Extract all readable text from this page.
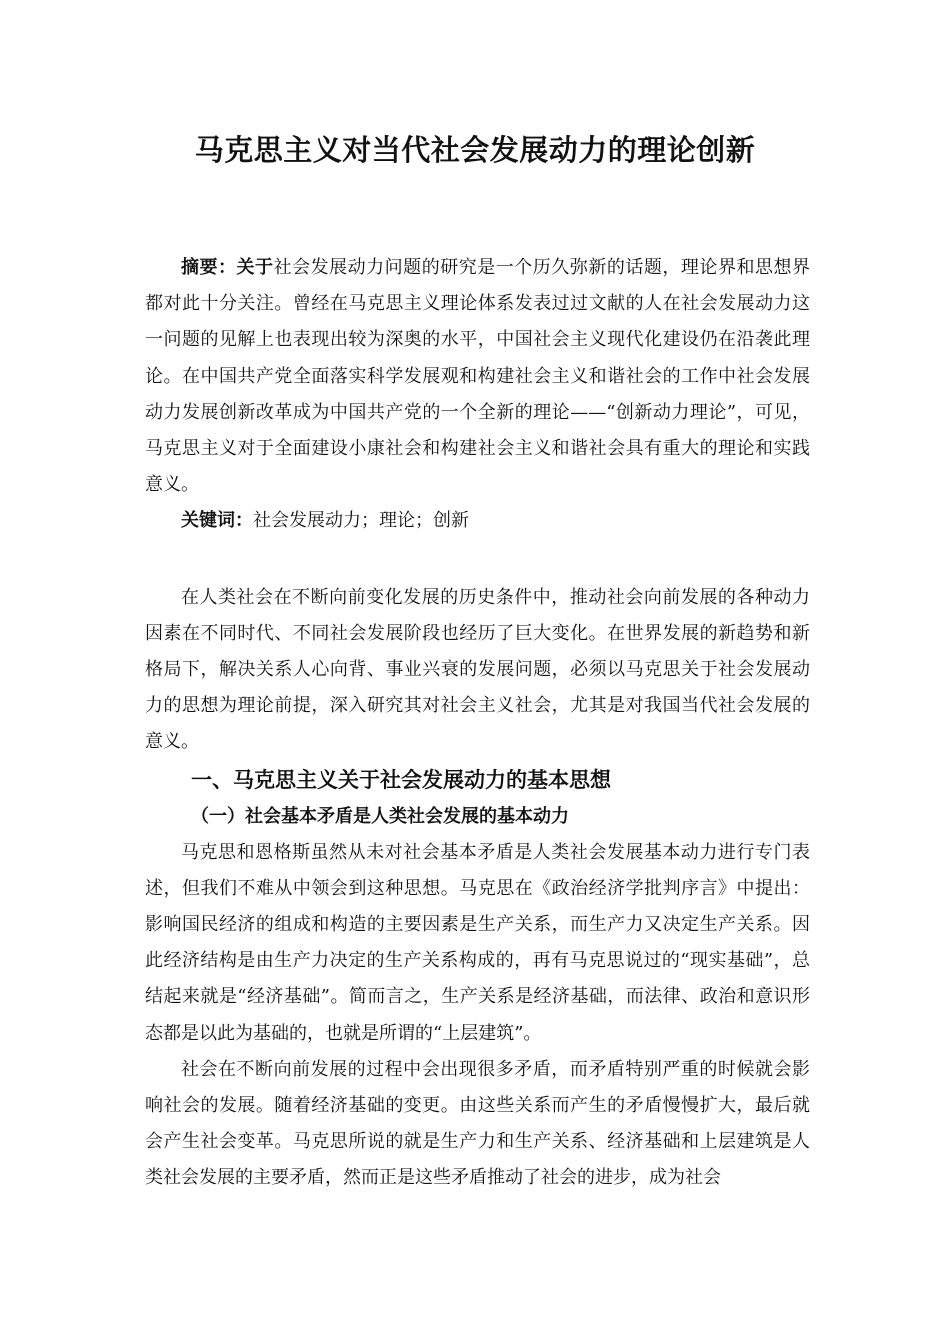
马克思主义对当代社会发展动力的理论创新

摘要：关于社会发展动力问题的研究是一个历久弥新的话题，理论界和思想界都对此十分关注。曾经在马克思主义理论体系发表过过文献的人在社会发展动力这一问题的见解上也表现出较为深奥的水平，中国社会主义现代化建设仍在沿袭此理论。在中国共产党全面落实科学发展观和构建社会主义和谐社会的工作中社会发展动力发展创新改革成为中国共产党的一个全新的理论——“创新动力理论”，可见，马克思主义对于全面建设小康社会和构建社会主义和谐社会具有重大的理论和实践意义。

关键词：社会发展动力；理论；创新

在人类社会在不断向前变化发展的历史条件中，推动社会向前发展的各种动力因素在不同时代、不同社会发展阶段也经历了巨大变化。在世界发展的新趋势和新格局下，解决关系人心向背、事业兴衰的发展问题，必须以马克思关于社会发展动力的思想为理论前提，深入研究其对社会主义社会，尤其是对我国当代社会发展的意义。

一、马克思主义关于社会发展动力的基本思想
（一）社会基本矛盾是人类社会发展的基本动力

马克思和恩格斯虽然从未对社会基本矛盾是人类社会发展基本动力进行专门表述，但我们不难从中领会到这种思想。马克思在《政治经济学批判序言》中提出：影响国民经济的组成和构造的主要因素是生产关系，而生产力又决定生产关系。因此经济结构是由生产力决定的生产关系构成的，再有马克思说过的“现实基础”，总结起来就是“经济基础”。简而言之，生产关系是经济基础，而法律、政治和意识形态都是以此为基础的，也就是所谓的“上层建筑”。

社会在不断向前发展的过程中会出现很多矛盾，而矛盾特别严重的时候就会影响社会的发展。随着经济基础的变更。由这些关系而产生的矛盾慢慢扩大，最后就会产生社会变革。马克思所说的就是生产力和生产关系、经济基础和上层建筑是人类社会发展的主要矛盾，然而正是这些矛盾推动了社会的进步，成为社会
